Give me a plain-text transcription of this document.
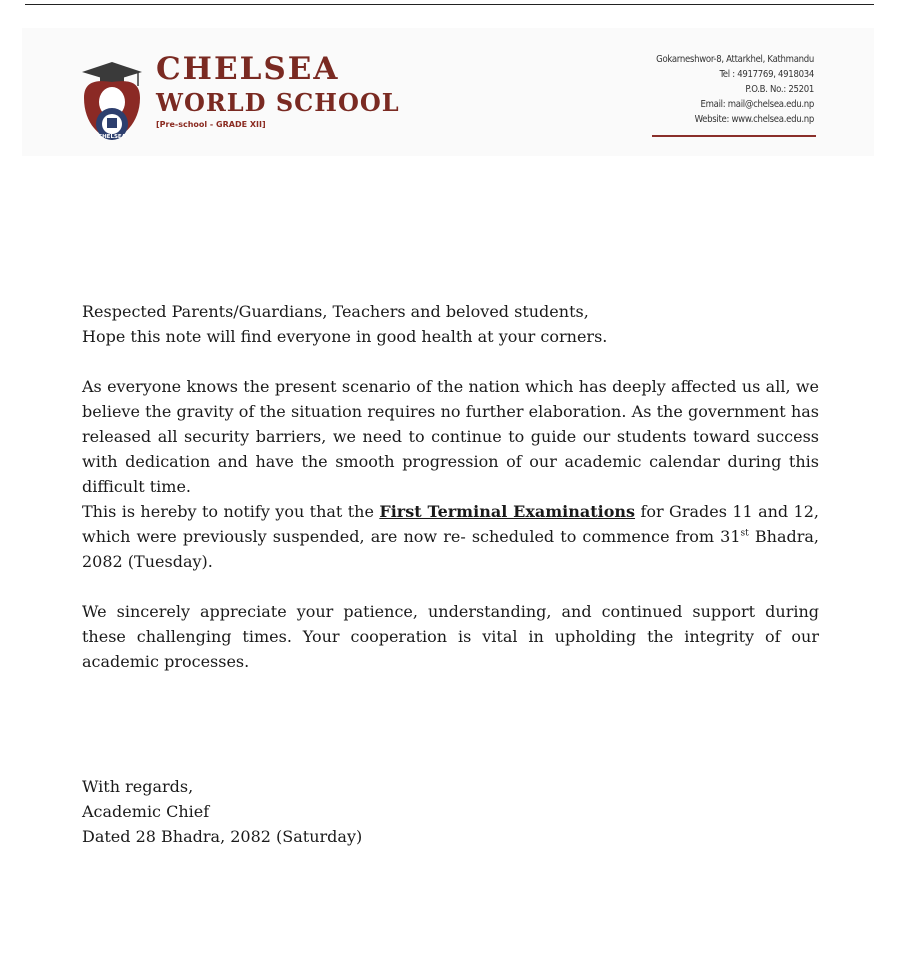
CHELSEA
CHELSEA
WORLD SCHOOL
[Pre-school - GRADE XII]
Gokarneshwor-8, Attarkhel, Kathmandu
Tel : 4917769, 4918034
P.O.B. No.: 25201
Email: mail@chelsea.edu.np
Website: www.chelsea.edu.np

Respected Parents/Guardians, Teachers and beloved students,

Hope this note will find everyone in good health at your corners.

As everyone knows the present scenario of the nation which has deeply affected us all, we believe the gravity of the situation requires no further elaboration. As the government has released all security barriers, we need to continue to guide our students toward success with dedication and have the smooth progression of our academic calendar during this difficult time.

This is hereby to notify you that the First Terminal Examinations for Grades 11 and 12, which were previously suspended, are now re- scheduled to commence from 31st Bhadra, 2082 (Tuesday).

We sincerely appreciate your patience, understanding, and continued support during these challenging times. Your cooperation is vital in upholding the integrity of our academic processes.

With regards,

Academic Chief

Dated 28 Bhadra, 2082 (Saturday)
